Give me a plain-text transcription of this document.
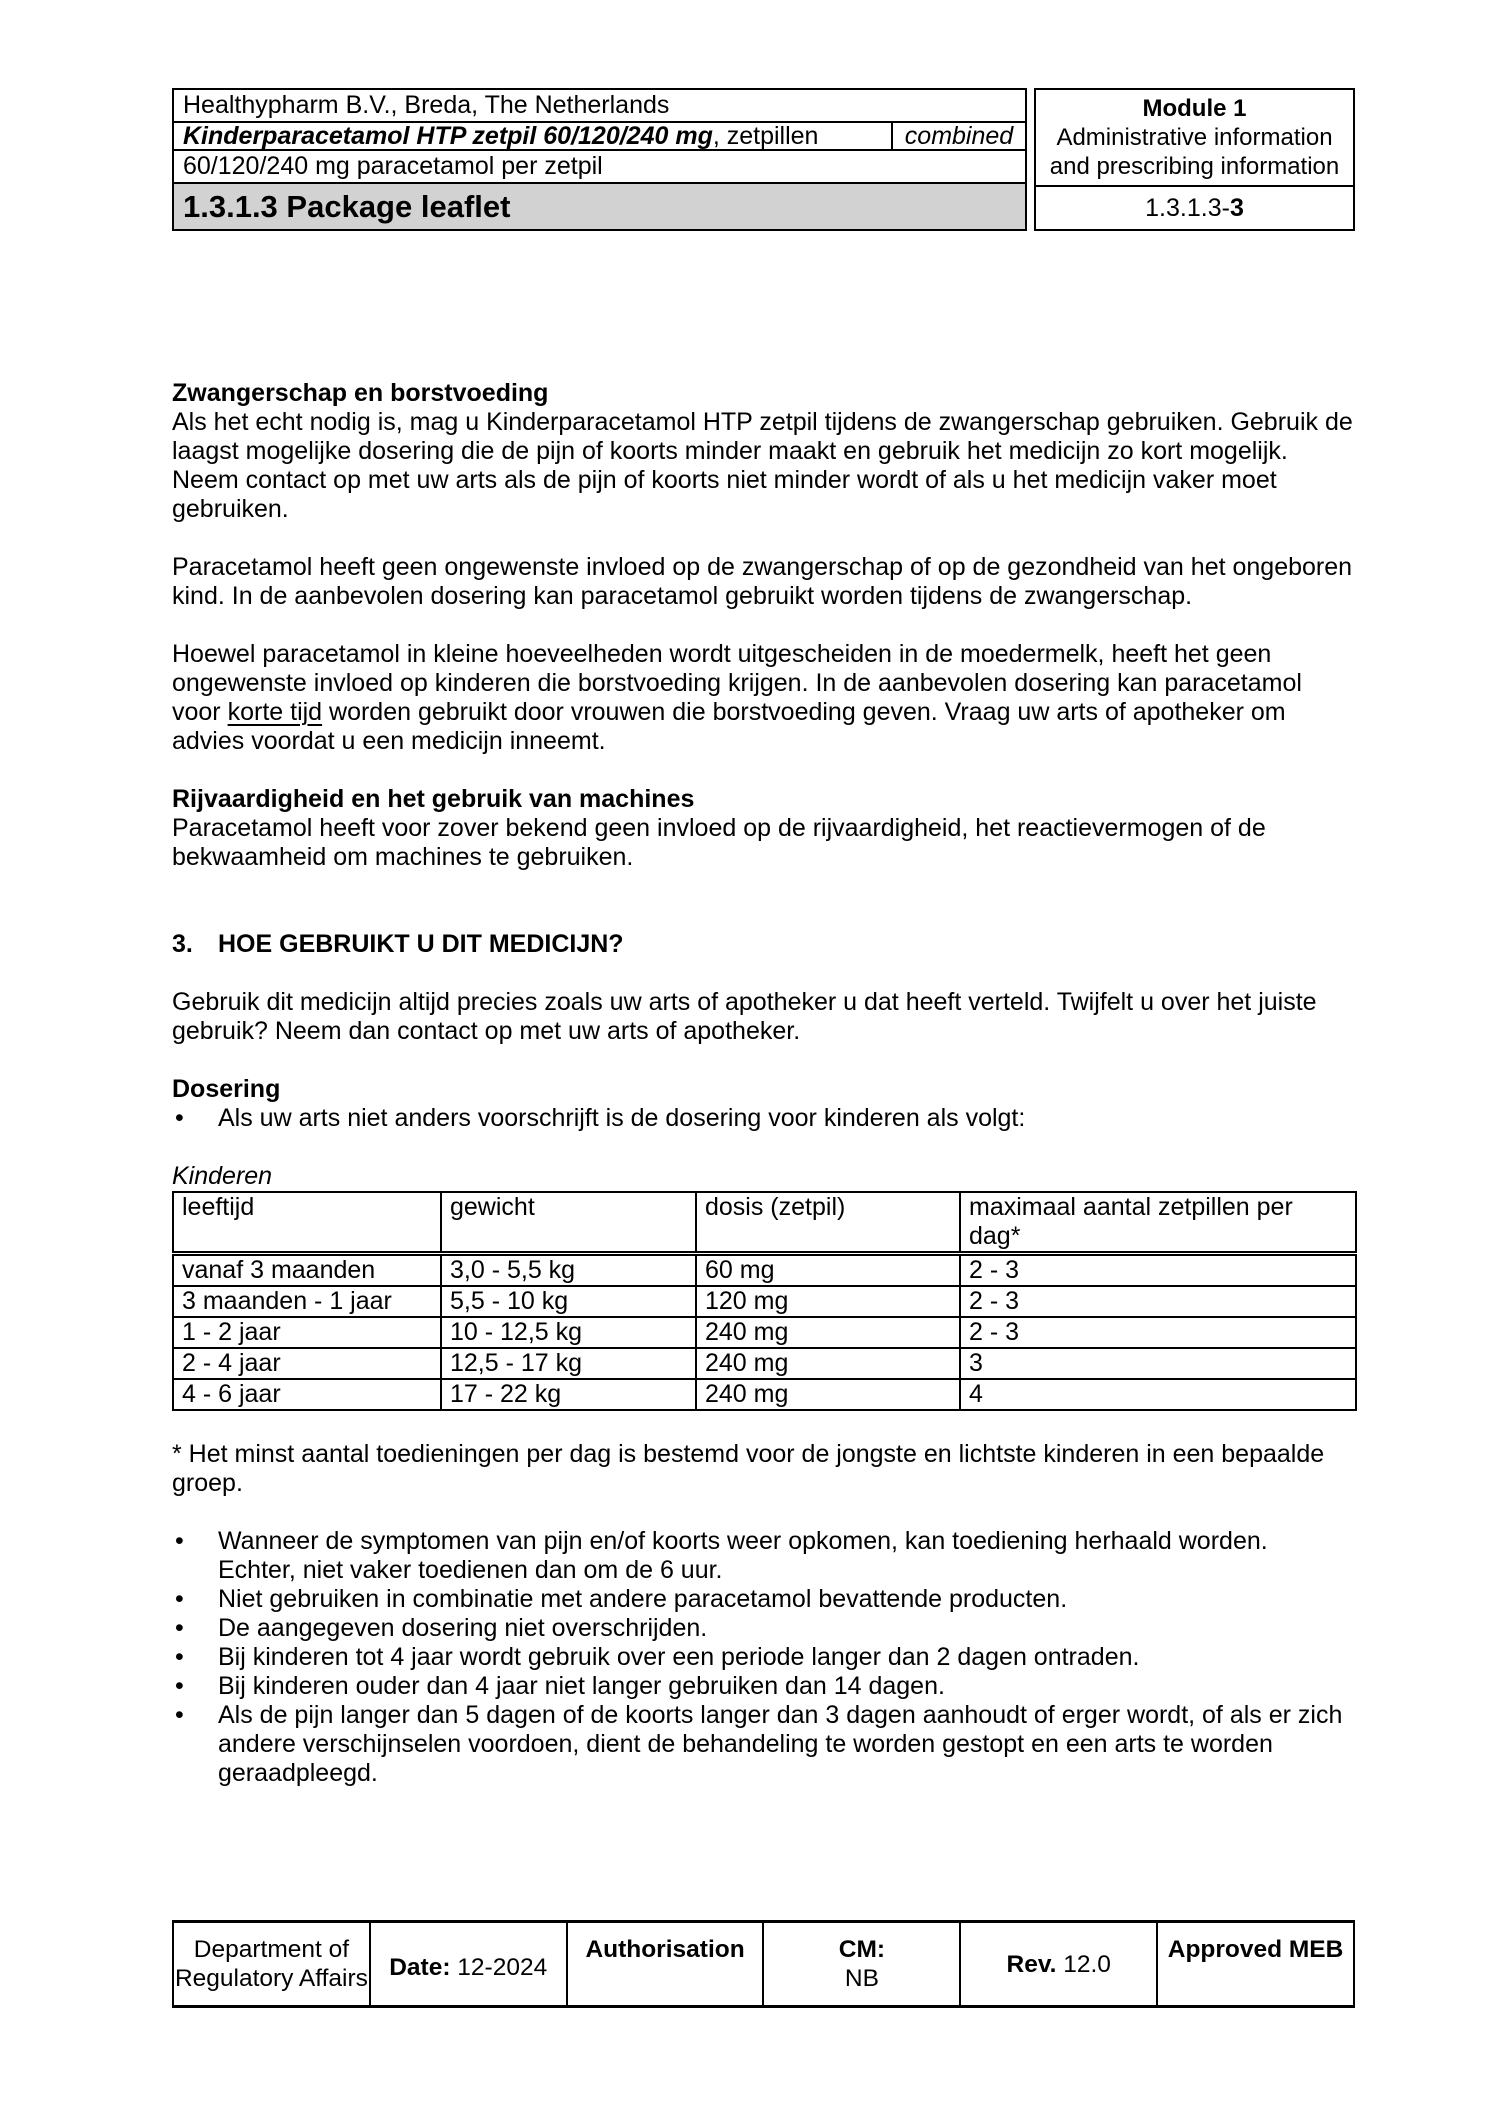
Healthypharm B.V., Breda, The Netherlands
Kinderparacetamol HTP zetpil 60/120/240 mg , zetpillen	combined
60/120/240 mg paracetamol per zetpil
1.3.1.3 Package leaflet
Module 1
Administrative information
and prescribing information
1.3.1.3-3
Zwangerschap en borstvoeding
Als het echt nodig is, mag u Kinderparacetamol HTP zetpil tijdens de zwangerschap gebruiken. Gebruik de laagst mogelijke dosering die de pijn of koorts minder maakt en gebruik het medicijn zo kort mogelijk. Neem contact op met uw arts als de pijn of koorts niet minder wordt of als u het medicijn vaker moet gebruiken.
Paracetamol heeft geen ongewenste invloed op de zwangerschap of op de gezondheid van het ongeboren kind. In de aanbevolen dosering kan paracetamol gebruikt worden tijdens de zwangerschap.
Hoewel paracetamol in kleine hoeveelheden wordt uitgescheiden in de moedermelk, heeft het geen ongewenste invloed op kinderen die borstvoeding krijgen. In de aanbevolen dosering kan paracetamol voor korte tijd worden gebruikt door vrouwen die borstvoeding geven. Vraag uw arts of apotheker om advies voordat u een medicijn inneemt.
Rijvaardigheid en het gebruik van machines
Paracetamol heeft voor zover bekend geen invloed op de rijvaardigheid, het reactievermogen of de bekwaamheid om machines te gebruiken.
3.	HOE GEBRUIKT U DIT MEDICIJN?
Gebruik dit medicijn altijd precies zoals uw arts of apotheker u dat heeft verteld. Twijfelt u over het juiste gebruik? Neem dan contact op met uw arts of apotheker.
Dosering
•	Als uw arts niet anders voorschrijft is de dosering voor kinderen als volgt:
Kinderen
leeftijd	gewicht	dosis (zetpil)	maximaal aantal zetpillen per dag*
vanaf 3 maanden	3,0 - 5,5 kg	60 mg	2 - 3
3 maanden - 1 jaar	5,5 - 10 kg	120 mg	2 - 3
1 - 2 jaar	10 - 12,5 kg	240 mg	2 - 3
2 - 4 jaar	12,5 - 17 kg	240 mg	3
4 - 6 jaar	17 - 22 kg	240 mg	4
* Het minst aantal toedieningen per dag is bestemd voor de jongste en lichtste kinderen in een bepaalde groep.
•	Wanneer de symptomen van pijn en/of koorts weer opkomen, kan toediening herhaald worden.
Echter, niet vaker toedienen dan om de 6 uur.
•	Niet gebruiken in combinatie met andere paracetamol bevattende producten.
•	De aangegeven dosering niet overschrijden.
•	Bij kinderen tot 4 jaar wordt gebruik over een periode langer dan 2 dagen ontraden.
•	Bij kinderen ouder dan 4 jaar niet langer gebruiken dan 14 dagen.
•	Als de pijn langer dan 5 dagen of de koorts langer dan 3 dagen aanhoudt of erger wordt, of als er zich andere verschijnselen voordoen, dient de behandeling te worden gestopt en een arts te worden geraadpleegd.
Department of
Regulatory Affairs Date: 12-2024
Authorisation	CM:
NB
Rev. 12.0
Approved MEB
